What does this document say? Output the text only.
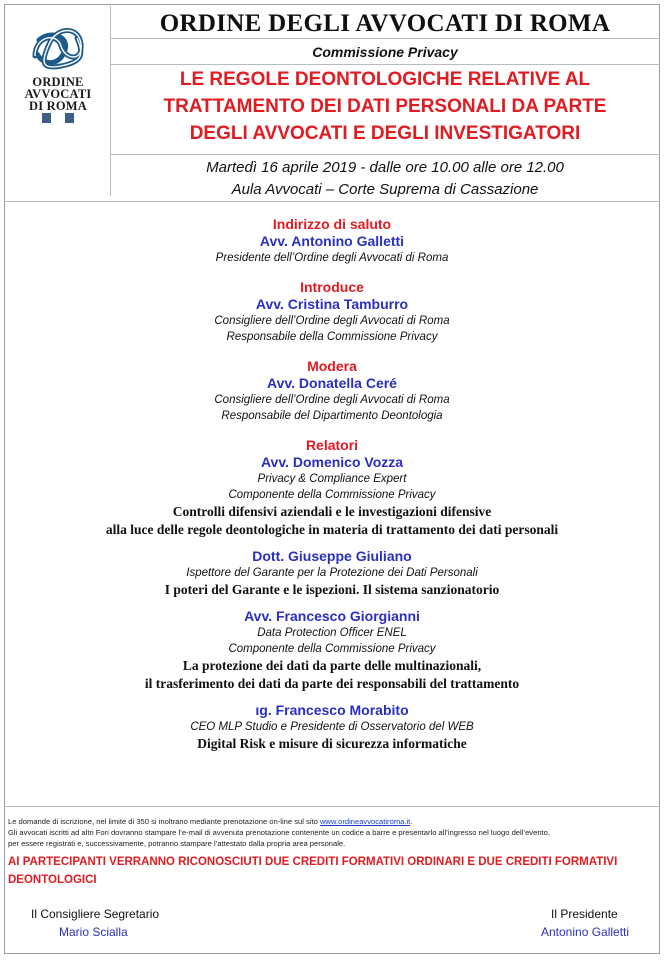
ORDINE
AVVOCATI
DI ROMA
ORDINE DEGLI AVVOCATI DI ROMA
Commissione Privacy
LE REGOLE DEONTOLOGICHE RELATIVE AL
TRATTAMENTO DEI DATI PERSONALI DA PARTE
DEGLI AVVOCATI E DEGLI INVESTIGATORI
Martedì 16 aprile 2019 - dalle ore 10.00 alle ore 12.00
Aula Avvocati – Corte Suprema di Cassazione
Indirizzo di saluto
Avv. Antonino Galletti
Presidente dell’Ordine degli Avvocati di Roma
Introduce
Avv. Cristina Tamburro
Consigliere dell’Ordine degli Avvocati di Roma
Responsabile della Commissione Privacy
Modera
Avv. Donatella Ceré
Consigliere dell’Ordine degli Avvocati di Roma
Responsabile del Dipartimento Deontologia
Relatori
Avv. Domenico Vozza
Privacy & Compliance Expert
Componente della Commissione Privacy
Controlli difensivi aziendali e le investigazioni difensive
alla luce delle regole deontologiche in materia di trattamento dei dati personali
Dott. Giuseppe Giuliano
Ispettore del Garante per la Protezione dei Dati Personali
I poteri del Garante e le ispezioni. Il sistema sanzionatorio
Avv. Francesco Giorgianni
Data Protection Officer ENEL
Componente della Commissione Privacy
La protezione dei dati da parte delle multinazionali,
il trasferimento dei dati da parte dei responsabili del trattamento
ıg. Francesco Morabito
CEO MLP Studio e Presidente di Osservatorio del WEB
Digital Risk e misure di sicurezza informatiche
Le domande di iscrizione, nel limite di 350 si inoltrano mediante prenotazione on-line sul sito www.ordineavvocatiroma.it.
Gli avvocati iscritti ad altri Fori dovranno stampare l’e-mail di avvenuta prenotazione contenente un codice a barre e presentarlo all’ingresso nel luogo dell’evento,
per essere registrati e, successivamente, potranno stampare l’attestato dalla propria area personale.
AI PARTECIPANTI VERRANNO RICONOSCIUTI DUE CREDITI FORMATIVI ORDINARI E DUE CREDITI FORMATIVI DEONTOLOGICI
Il Consigliere Segretario
Mario Scialla
Il Presidente
Antonino Galletti
